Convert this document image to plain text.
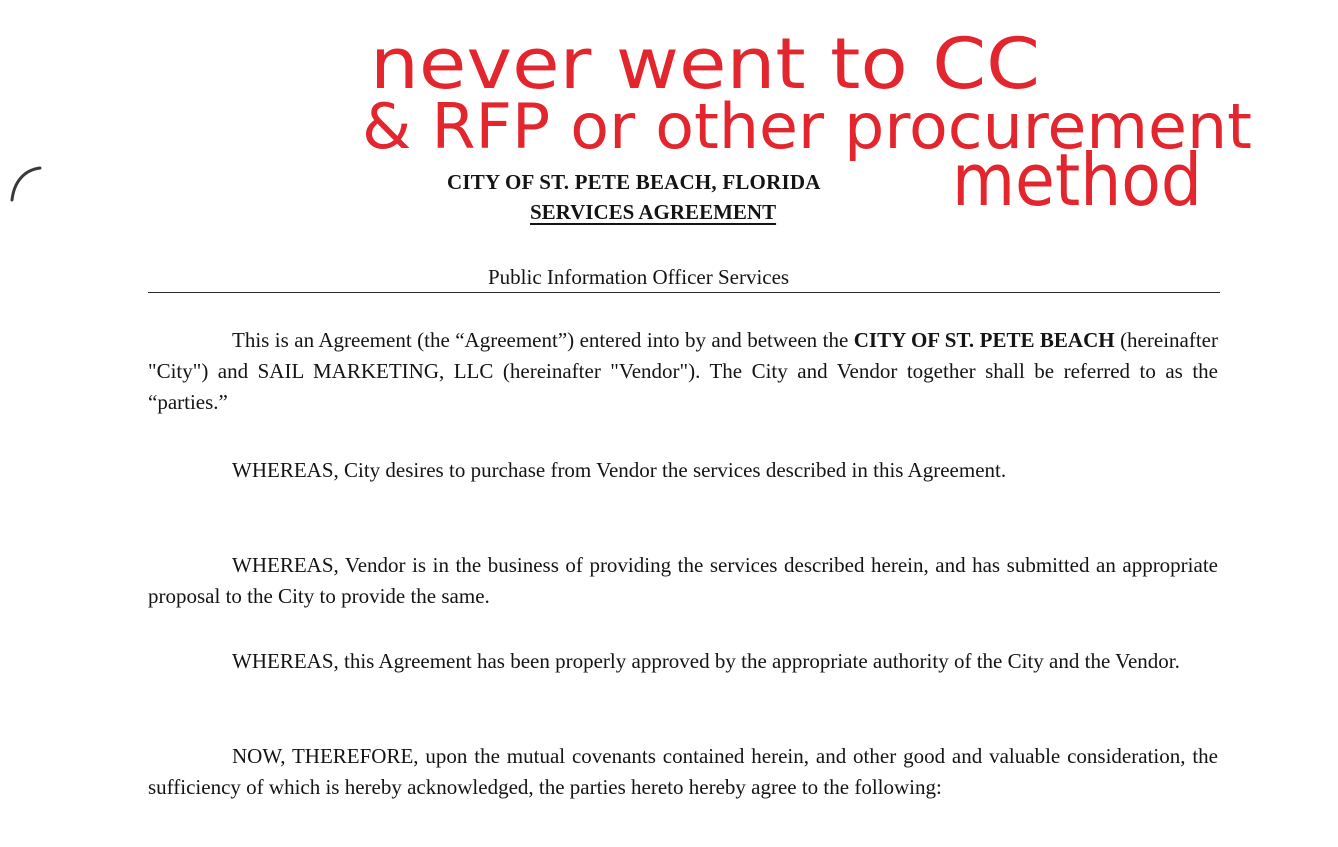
never went to CC
& RFP or other procurement
method
CITY OF ST. PETE BEACH, FLORIDA
SERVICES AGREEMENT
Public Information Officer Services

This is an Agreement (the “Agreement”) entered into by and between the CITY OF ST. PETE BEACH (hereinafter "City") and SAIL MARKETING, LLC (hereinafter "Vendor"). The City and Vendor together shall be referred to as the “parties.”

WHEREAS, City desires to purchase from Vendor the services described in this Agreement.

WHEREAS, Vendor is in the business of providing the services described herein, and has submitted an appropriate proposal to the City to provide the same.

WHEREAS, this Agreement has been properly approved by the appropriate authority of the City and the Vendor.

NOW, THEREFORE, upon the mutual covenants contained herein, and other good and valuable consideration, the sufficiency of which is hereby acknowledged, the parties hereto hereby agree to the following:
